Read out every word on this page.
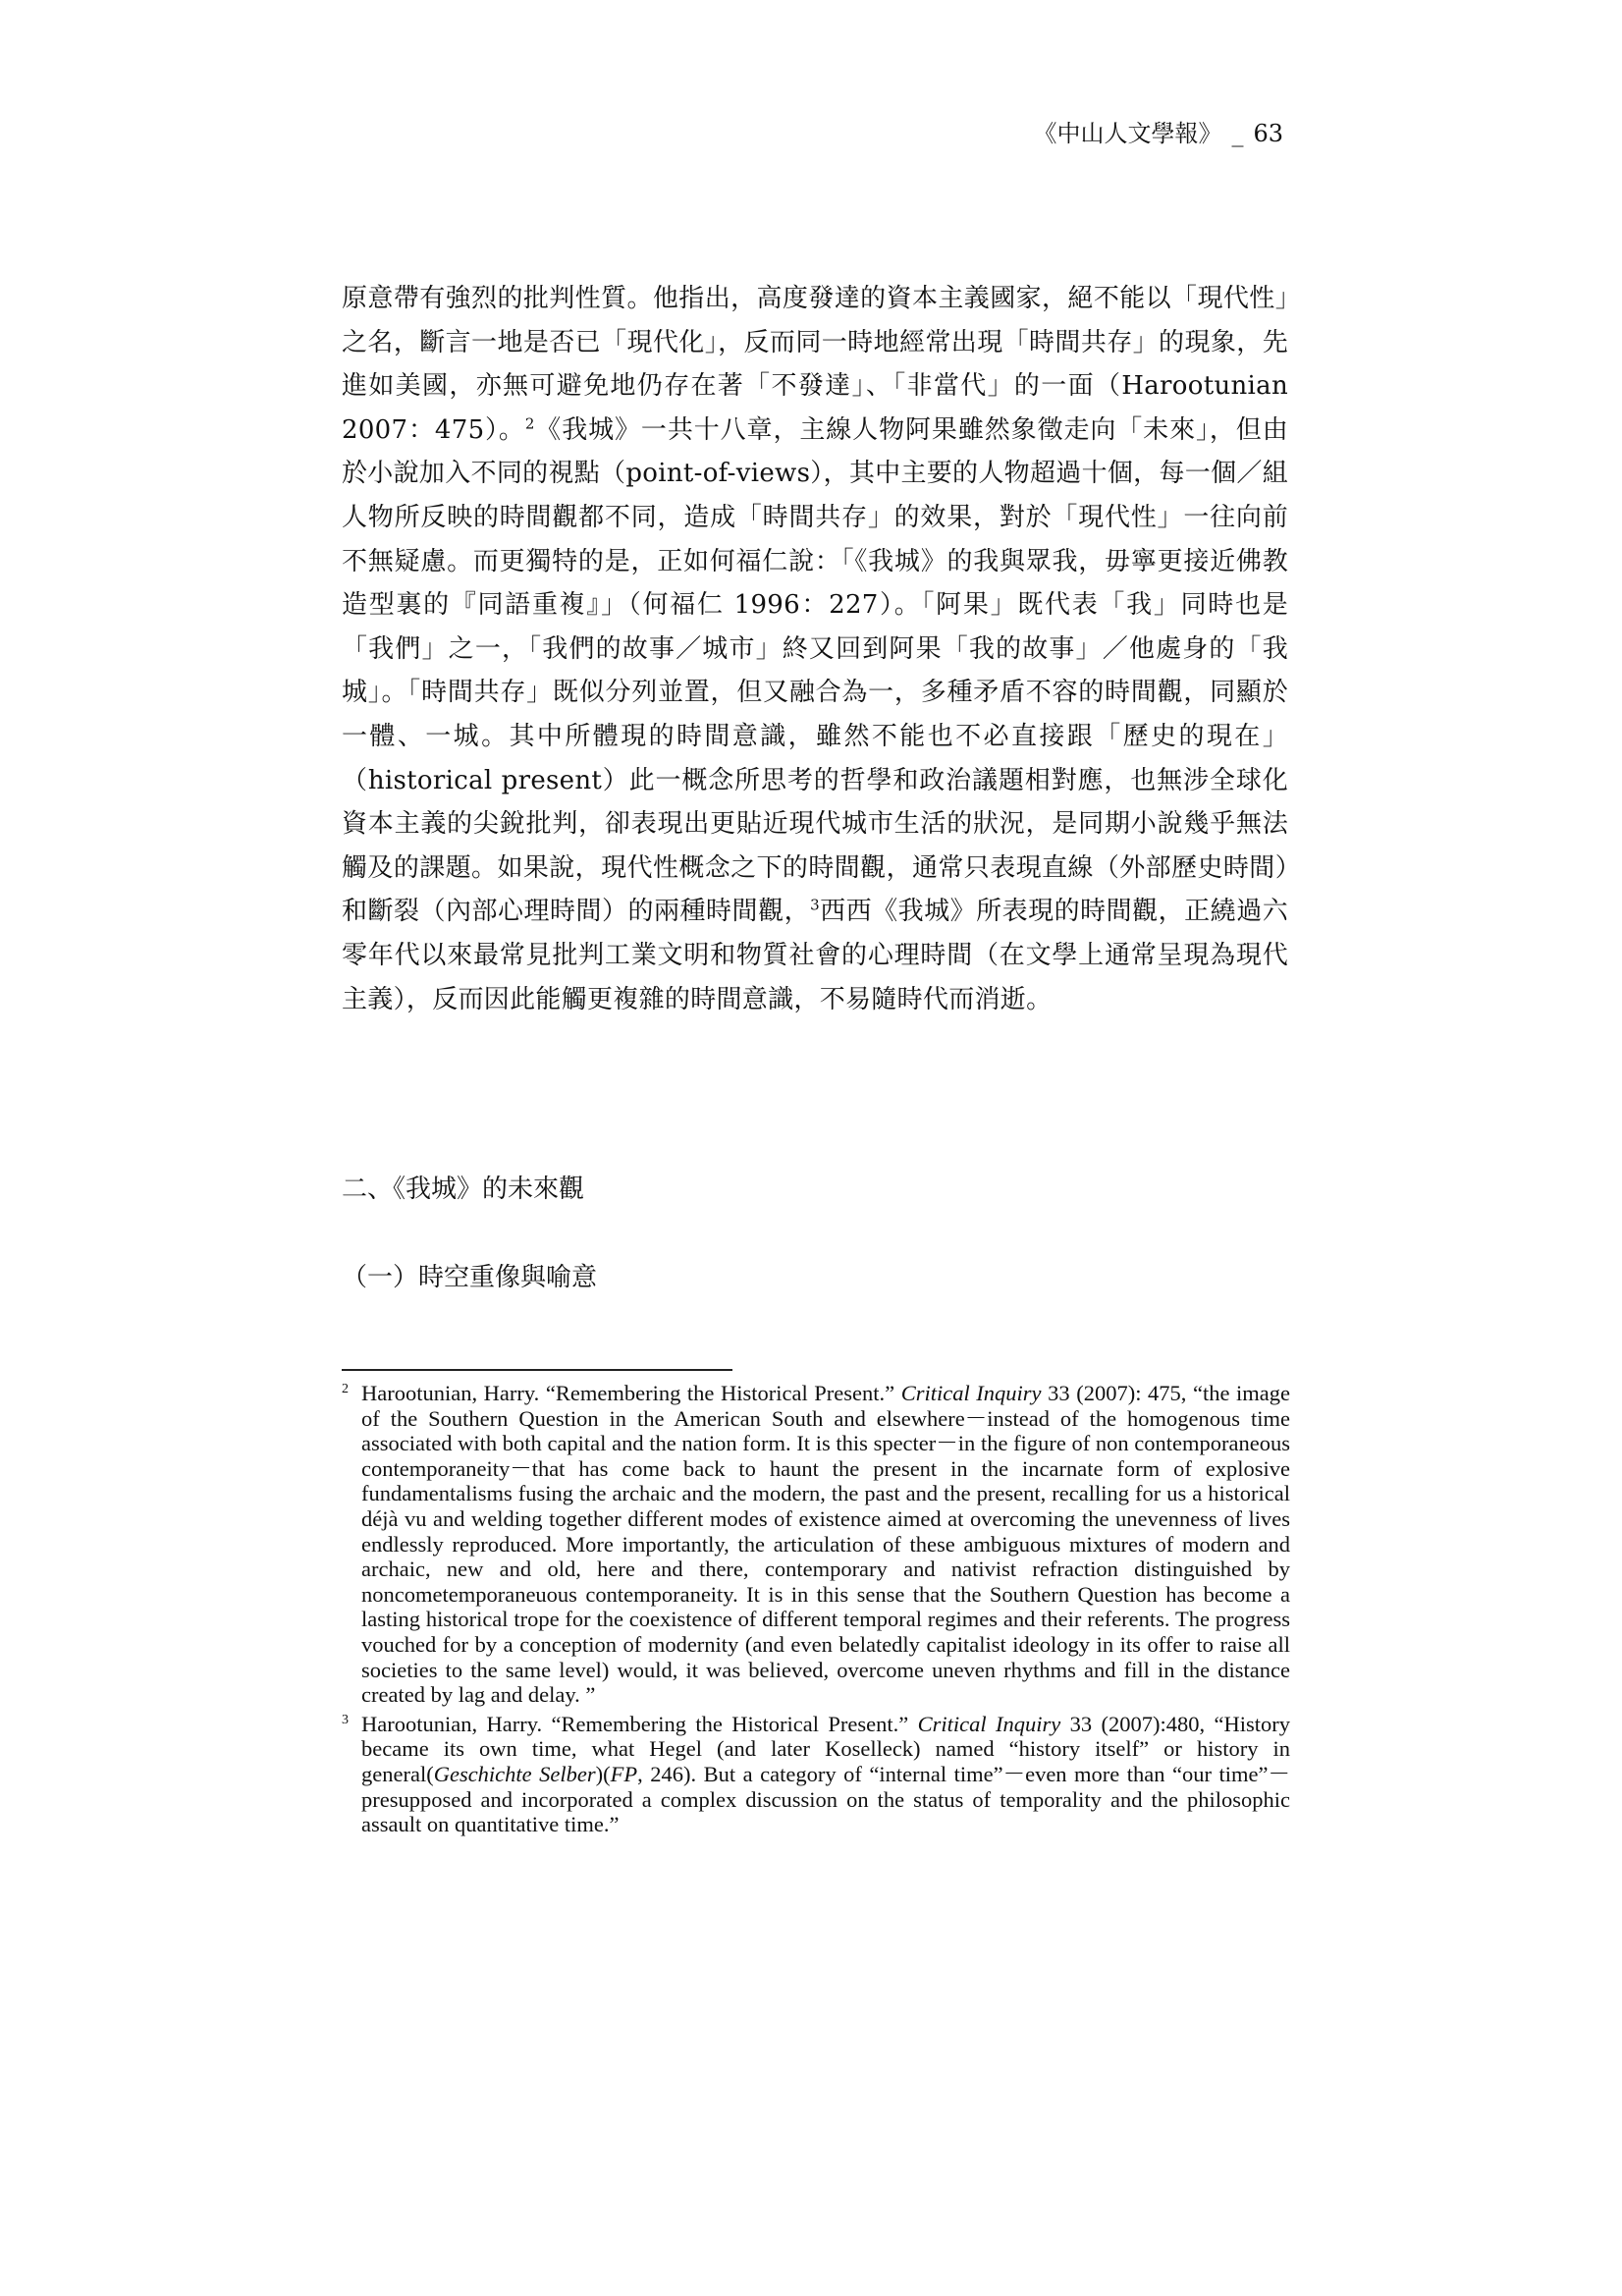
《中山人文學報》 _ 63

原意帶有強烈的批判性質。他指出，高度發達的資本主義國家，絕不能以「現代性」之名，斷言一地是否已「現代化」，反而同一時地經常出現「時間共存」的現象，先進如美國，亦無可避免地仍存在著「不發達」、「非當代」的一面（Harootunian 2007：475）。$^2$《我城》一共十八章，主線人物阿果雖然象徵走向「未來」，但由於小說加入不同的視點（point-of-views），其中主要的人物超過十個，每一個／組人物所反映的時間觀都不同，造成「時間共存」的效果，對於「現代性」一往向前不無疑慮。而更獨特的是，正如何福仁說：「《我城》的我與眾我，毋寧更接近佛教造型裏的『同語重複』」（何福仁 1996：227）。「阿果」既代表「我」同時也是「我們」之一，「我們的故事／城市」終又回到阿果「我的故事」／他處身的「我城」。「時間共存」既似分列並置，但又融合為一，多種矛盾不容的時間觀，同顯於一體、一城。其中所體現的時間意識，雖然不能也不必直接跟「歷史的現在」（historical present）此一概念所思考的哲學和政治議題相對應，也無涉全球化資本主義的尖銳批判，卻表現出更貼近現代城市生活的狀況，是同期小說幾乎無法觸及的課題。如果說，現代性概念之下的時間觀，通常只表現直線（外部歷史時間）和斷裂（內部心理時間）的兩種時間觀，$^3$西西《我城》所表現的時間觀，正繞過六零年代以來最常見批判工業文明和物質社會的心理時間（在文學上通常呈現為現代主義），反而因此能觸更複雜的時間意識，不易隨時代而消逝。

二、《我城》的未來觀
（一）時空重像與喻意
2 Harootunian, Harry. “Remembering the Historical Present.” Critical Inquiry 33 (2007): 475, “the image of the Southern Question in the American South and elsewhere－instead of the homogenous time associated with both capital and the nation form. It is this specter－in the figure of non contemporaneous contemporaneity－that has come back to haunt the present in the incarnate form of explosive fundamentalisms fusing the archaic and the modern, the past and the present, recalling for us a historical déjà vu and welding together different modes of existence aimed at overcoming the unevenness of lives endlessly reproduced. More importantly, the articulation of these ambiguous mixtures of modern and archaic, new and old, here and there, contemporary and nativist refraction distinguished by noncometemporaneuous contemporaneity. It is in this sense that the Southern Question has become a lasting historical trope for the coexistence of different temporal regimes and their referents. The progress vouched for by a conception of modernity (and even belatedly capitalist ideology in its offer to raise all societies to the same level) would, it was believed, overcome uneven rhythms and fill in the distance created by lag and delay. ”
3 Harootunian, Harry. “Remembering the Historical Present.” Critical Inquiry 33 (2007):480, “History became its own time, what Hegel (and later Koselleck) named “history itself” or history in general(Geschichte Selber)(FP, 246). But a category of “internal time”－even more than “our time”－presupposed and incorporated a complex discussion on the status of temporality and the philosophic assault on quantitative time.”
